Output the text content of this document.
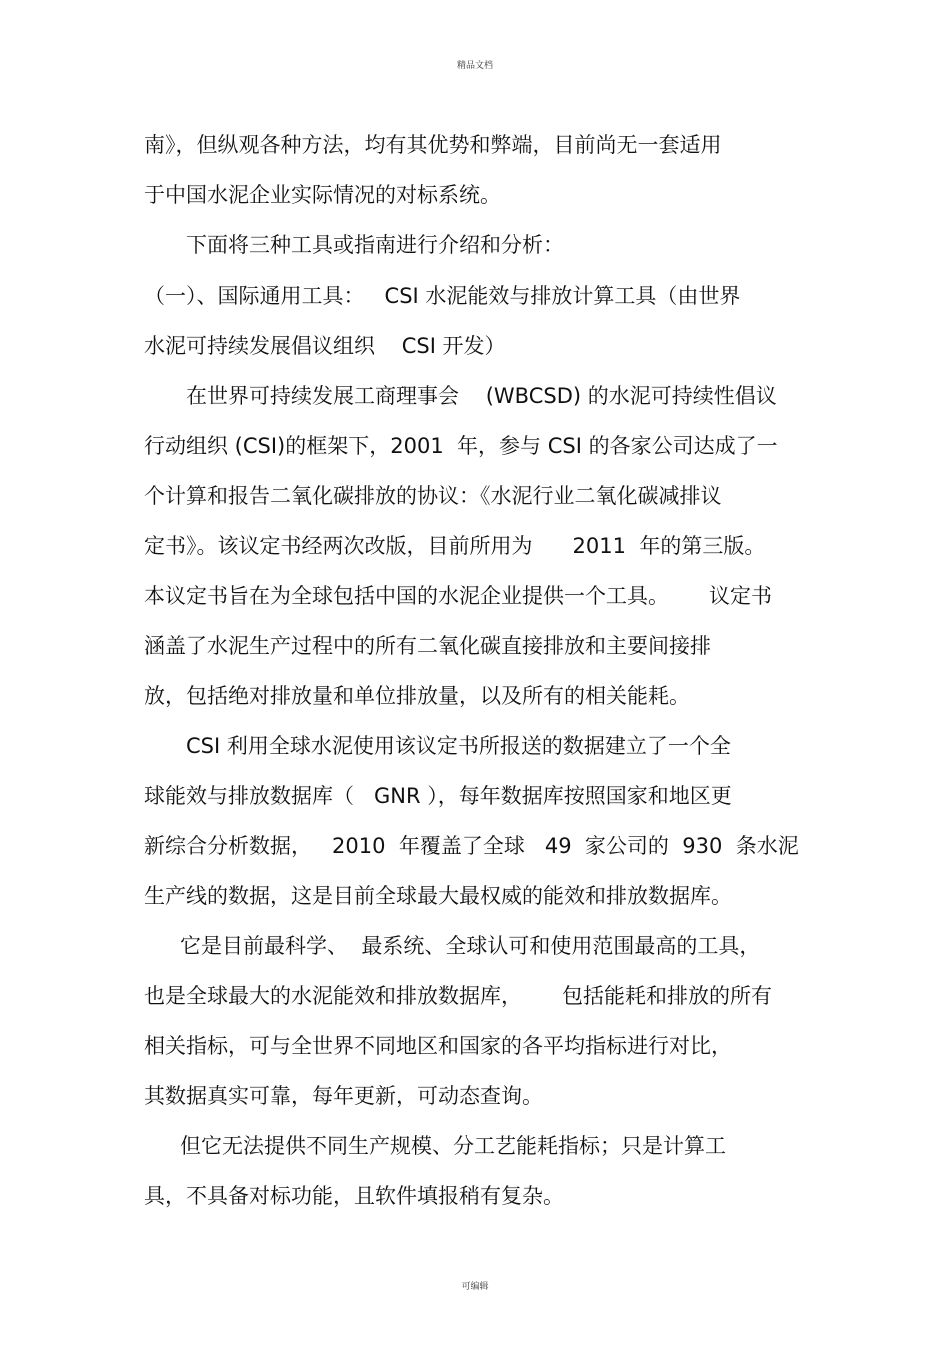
精品文档
南》，但纵观各种方法，均有其优势和弊端，目前尚无一套适用
于中国水泥企业实际情况的对标系统。
下面将三种工具或指南进行介绍和分析：
（一）、国际通用工具：   CSI 水泥能效与排放计算工具（由世界
水泥可持续发展倡议组织    CSI 开发）
在世界可持续发展工商理事会    (WBCSD) 的水泥可持续性倡议
行动组织 (CSI)的框架下，2001  年，参与 CSI 的各家公司达成了一
个计算和报告二氧化碳排放的协议：《水泥行业二氧化碳减排议
定书》。该议定书经两次改版，目前所用为      2011  年的第三版。
本议定书旨在为全球包括中国的水泥企业提供一个工具。      议定书
涵盖了水泥生产过程中的所有二氧化碳直接排放和主要间接排
放，包括绝对排放量和单位排放量，以及所有的相关能耗。
CSI 利用全球水泥使用该议定书所报送的数据建立了一个全
球能效与排放数据库（   GNR ），每年数据库按照国家和地区更
新综合分析数据，   2010  年覆盖了全球   49  家公司的  930  条水泥
生产线的数据，这是目前全球最大最权威的能效和排放数据库。
它是目前最科学、  最系统、全球认可和使用范围最高的工具，
也是全球最大的水泥能效和排放数据库，      包括能耗和排放的所有
相关指标，可与全世界不同地区和国家的各平均指标进行对比，
其数据真实可靠，每年更新，可动态查询。
但它无法提供不同生产规模、分工艺能耗指标；只是计算工
具，不具备对标功能，且软件填报稍有复杂。
可编辑
